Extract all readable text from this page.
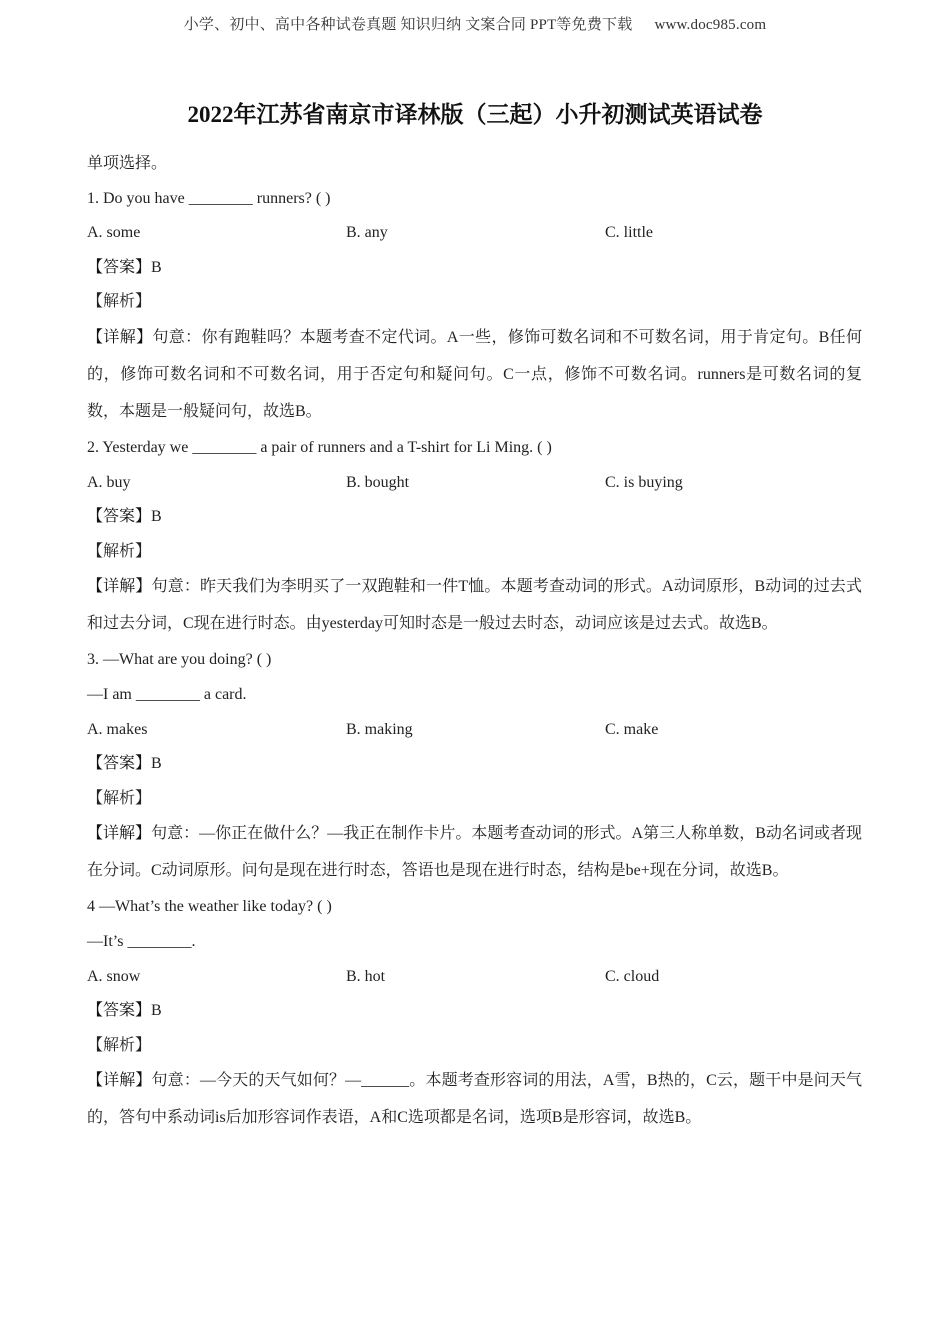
小学、初中、高中各种试卷真题 知识归纳 文案合同 PPT等免费下载 www.doc985.com
2022年江苏省南京市译林版（三起）小升初测试英语试卷
单项选择。
1. Do you have ________ runners? ( )
A. some	B. any	C. little
【答案】B
【解析】
【详解】句意：你有跑鞋吗？本题考查不定代词。A一些，修饰可数名词和不可数名词，用于肯定句。B任何的，修饰可数名词和不可数名词，用于否定句和疑问句。C一点，修饰不可数名词。runners是可数名词的复数，本题是一般疑问句，故选B。
2. Yesterday we ________ a pair of runners and a T-shirt for Li Ming. ( )
A. buy	B. bought	C. is buying
【答案】B
【解析】
【详解】句意：昨天我们为李明买了一双跑鞋和一件T恤。本题考查动词的形式。A动词原形，B动词的过去式和过去分词，C现在进行时态。由yesterday可知时态是一般过去时态，动词应该是过去式。故选B。
3. —What are you doing? ( )
—I am ________ a card.
A. makes	B. making	C. make
【答案】B
【解析】
【详解】句意：—你正在做什么？—我正在制作卡片。本题考查动词的形式。A第三人称单数，B动名词或者现在分词。C动词原形。问句是现在进行时态，答语也是现在进行时态，结构是be+现在分词，故选B。
4 —What’s the weather like today? ( )
—It’s ________.
A. snow	B. hot	C. cloud
【答案】B
【解析】
【详解】句意：—今天的天气如何？—______。本题考查形容词的用法，A雪，B热的，C云，题干中是问天气的，答句中系动词is后加形容词作表语，A和C选项都是名词，选项B是形容词，故选B。
